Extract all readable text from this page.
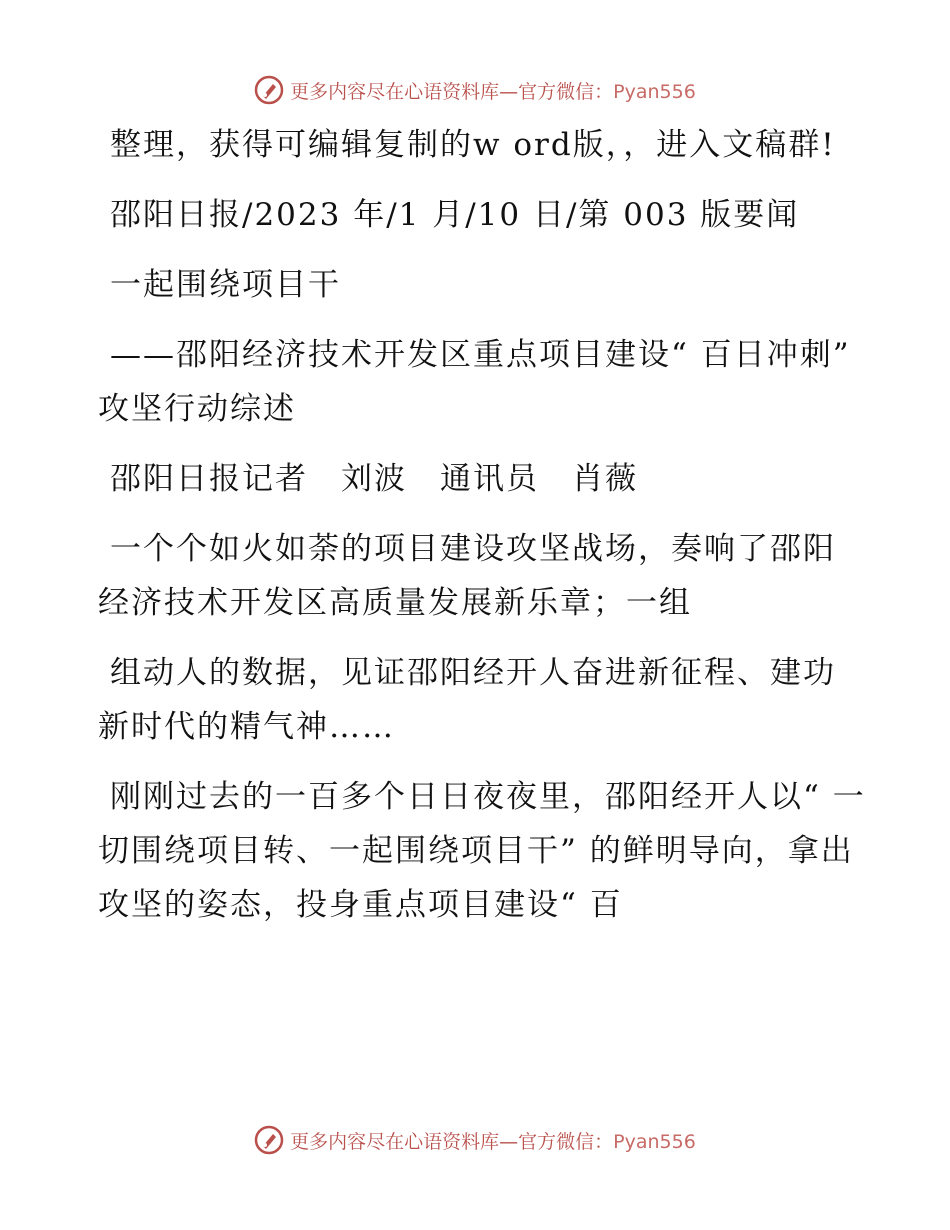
更多内容尽在心语资料库—官方微信：Pyan556

整理，获得可编辑复制的w ord版，，进入文稿群!

邵阳日报/2023 年/1 月/10 日/第 003 版要闻

一起围绕项目干

——邵阳经济技术开发区重点项目建设“ 百日冲刺” 攻坚行动综述

邵阳日报记者　刘波　通讯员　肖薇

一个个如火如荼的项目建设攻坚战场，奏响了邵阳经济技术开发区高质量发展新乐章；一组

组动人的数据，见证邵阳经开人奋进新征程、建功新时代的精气神……

刚刚过去的一百多个日日夜夜里，邵阳经开人以“ 一切围绕项目转、一起围绕项目干” 的鲜明导向，拿出攻坚的姿态，投身重点项目建设“ 百

更多内容尽在心语资料库—官方微信：Pyan556
